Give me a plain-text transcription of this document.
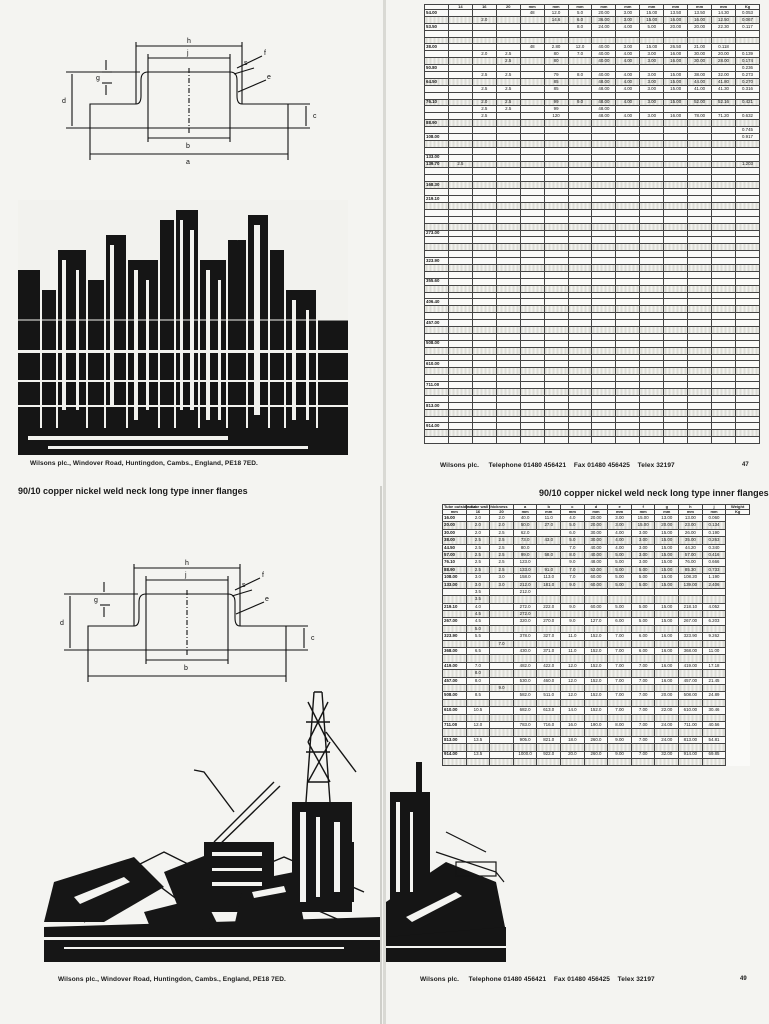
h
j
g
s
f
e
d
c
b
a
Wilsons plc., Windover Road, Huntingdon, Cambs., England, PE18 7ED.
	14	16	20	mm	mm	mm	mm	mm	mm	mm	mm	mm	Kg
54.00				48	12.0	5.0	20.00	3.00	15.00	13.50	13.50	14.30	0.053
		2.0			14.6	6.0	36.00	3.00	15.00	16.00	16.00	12.50	0.067
53.50						8.0	24.00	4.00	5.00	20.00	20.00	22.30	0.117

38.00				48	2.80	12.0	40.00	3.00	15.00	26.50	21.00	0.118	
		2.0	2.5		80	7.0	40.00	4.00	3.00	16.00	30.00	20.00	0.139
			2.5		80		40.00	4.00	3.00	16.00	30.00	28.00	0.174
50.80													0.236
		2.5	2.5		79	8.0	40.00	4.00	3.00	15.00	38.00	32.00	0.273
64.50					85		48.00	4.00	3.00	15.00	44.00	41.80	0.270
		2.5	2.5		85		48.00	4.00	3.00	15.00	41.00	41.30	0.316

76.10		2.0	2.5		99	9.0	48.00	4.00	3.00	15.00	52.00	52.16	0.421
		2.5	2.5		99		48.00						
		2.5			120		48.00	4.00	3.00	16.00	78.00	71.20	0.632
88.90													
													0.745
108.00													0.917

133.00													
139.70	2.5												1.203

168.30													

219.10													

273.00													

323.90													

355.60													

406.40													

457.00													

508.00													

610.00													

711.00													

813.00													

914.00													

Wilsons plc. Telephone 01480 456421 Fax 01480 456425 Telex 32197	47
90/10 copper nickel weld neck long type inner flanges
h
j
g
s
f
e
d
c
b
Wilsons plc., Windover Road, Huntingdon, Cambs., England, PE18 7ED.
90/10 copper nickel weld neck long type inner flanges
Tube outside dia.	a tube wall thickness		a	b	c	d	e	f	g	h	j	Weight
mm	16	20	mm	mm	mm	mm	mm	mm	mm	mm	mm	Kg
16.00	2.0	2.0	40.0	11.0	4.0	20.00	3.00	15.00	13.00	13.00	0.060	
20.00	2.0	2.0	50.0	27.0	5.0	20.00	3.00	15.00	20.00	23.00	0.134	
30.00	2.0	2.5	62.0		6.0	30.00	4.00	3.00	15.00	26.00	0.190	
38.00	2.5	2.5	73.0	43.0	5.0	30.00	4.00	3.00	15.00	35.00	0.263	
44.50	2.5	2.5	80.0		7.0	40.00	4.00	3.00	15.00	44.20	0.340	
57.00	2.5	2.5	99.0	58.0	8.0	40.00	5.00	3.00	15.00	57.00	0.416	
76.10	2.5	2.5	123.0		9.0	48.00	5.00	3.00	15.00	76.00	0.666	
88.90	2.5	2.5	133.0	91.0	7.0	52.00	5.00	5.00	15.00	85.30	0.733	
108.00	3.0	3.0	158.0	113.0	7.0	60.00	5.00	5.00	15.00	108.20	1.190	
133.00	3.0	3.0	212.0	181.0	9.0	60.00	5.00	5.00	15.00	139.00	2.406	
	3.5		212.0									
	3.5											
219.10	4.0		272.0	222.0	9.0	60.00	5.00	5.00	15.00	218.10	4.052	
	4.5		272.0									
267.00	4.5		320.0	270.0	9.0	127.0	6.00	5.00	15.00	267.00	6.203	
	5.0											
323.90	5.5		378.0	327.0	11.0	152.0	7.00	6.00	16.00	323.90	9.262	
		7.0										
368.00	6.5		430.0	371.0	11.0	152.0	7.00	6.00	16.00	368.00	11.00	

419.00	7.0		482.0	422.0	12.0	152.0	7.00	7.00	16.00	419.00	17.18	
	8.0											
457.00	8.0		530.0	460.0	12.0	152.0	7.00	7.00	16.00	457.00	21.45	
		9.0										
508.00	8.5		582.0	511.0	12.0	152.0	7.00	7.00	20.00	508.00	24.89	

610.00	10.5		682.0	613.0	14.0	152.0	7.00	7.00	22.00	610.00	30.46	

711.00	12.0		783.0	716.0	16.0	190.0	8.00	7.00	24.00	711.00	40.56	

813.00	13.5		905.0	821.0	18.0	260.0	9.00	7.00	24.00	813.00	54.81	

914.00	13.5		1000.0	922.0	20.0	260.0	9.00	7.00	32.00	914.00	69.85	

Wilsons plc. Telephone 01480 456421 Fax 01480 456425 Telex 32197	49
